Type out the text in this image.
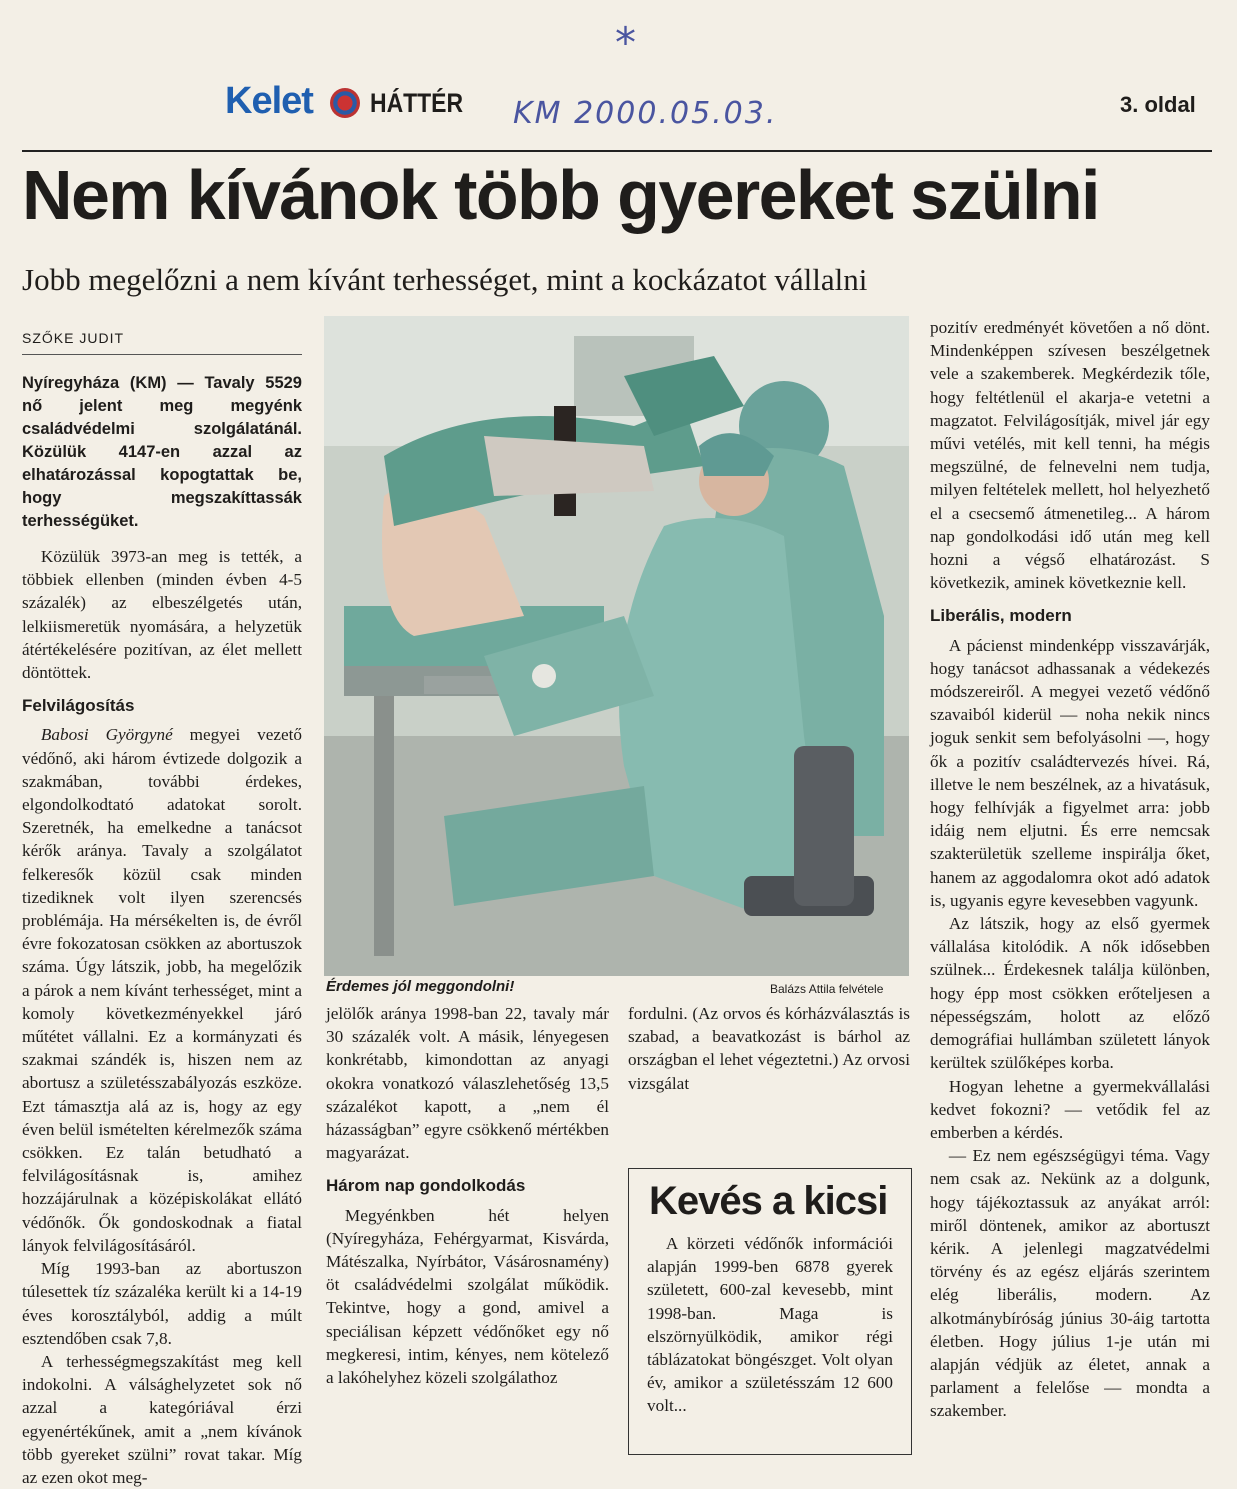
*
Kelet HÁTTÉR KM 2000.05.03.	3. oldal
Nem kívánok több gyereket szülni
Jobb megelőzni a nem kívánt terhességet, mint a kockázatot vállalni
SZŐKE JUDIT

Nyíregyháza (KM) — Tavaly 5529 nő jelent meg megyénk családvédelmi szolgálatánál. Közülük 4147-en azzal az elhatározással kopogtattak be, hogy megszakíttassák terhességüket.

Közülük 3973-an meg is tették, a többiek ellenben (minden évben 4-5 százalék) az elbeszélgetés után, lelkiismeretük nyomására, a helyzetük átértékelésére pozitívan, az élet mellett döntöttek.

Felvilágosítás

Babosi Györgyné megyei vezető védőnő, aki három évtizede dolgozik a szakmában, további érdekes, elgondolkodtató adatokat sorolt. Szeretnék, ha emelkedne a tanácsot kérők aránya. Tavaly a szolgálatot felkeresők közül csak minden tizediknek volt ilyen szerencsés problémája. Ha mérsékelten is, de évről évre fokozatosan csökken az abortuszok száma. Úgy látszik, jobb, ha megelőzik a párok a nem kívánt terhességet, mint a komoly következményekkel járó műtétet vállalni. Ez a kormányzati és szakmai szándék is, hiszen nem az abortusz a születésszabályozás eszköze. Ezt támasztja alá az is, hogy az egy éven belül ismételten kérelmezők száma csökken. Ez talán betudható a felvilágosításnak is, amihez hozzájárulnak a középiskolákat ellátó védőnők. Ők gondoskodnak a fiatal lányok felvilágosításáról.

Míg 1993-ban az abortuszon túlesettek tíz százaléka került ki a 14-19 éves korosztályból, addig a múlt esztendőben csak 7,8.

A terhességmegszakítást meg kell indokolni. A válsághelyzetet sok nő azzal a kategóriával érzi egyenértékűnek, amit a „nem kívánok több gyereket szülni” rovat takar. Míg az ezen okot meg-

Érdemes jól meggondolni!	Balázs Attila felvétele

jelölők aránya 1998-ban 22, tavaly már 30 százalék volt. A másik, lényegesen konkrétabb, kimondottan az anyagi okokra vonatkozó válaszlehetőség 13,5 százalékot kapott, a „nem él házasságban” egyre csökkenő mértékben magyarázat.

Három nap gondolkodás

Megyénkben hét helyen (Nyíregyháza, Fehérgyarmat, Kisvárda, Mátészalka, Nyírbátor, Vásárosnamény) öt családvédelmi szolgálat működik. Tekintve, hogy a gond, amivel a speciálisan képzett védőnőket egy nő megkeresi, intim, kényes, nem kötelező a lakóhelyhez közeli szolgálathoz

fordulni. (Az orvos és kórházválasztás is szabad, a beavatkozást is bárhol az országban el lehet végeztetni.) Az orvosi vizsgálat

Kevés a kicsi

A körzeti védőnők információi alapján 1999-ben 6878 gyerek született, 600-zal kevesebb, mint 1998-ban. Maga is elszörnyülködik, amikor régi táblázatokat böngészget. Volt olyan év, amikor a születésszám 12 600 volt...

pozitív eredményét követően a nő dönt. Mindenképpen szívesen beszélgetnek vele a szakemberek. Megkérdezik tőle, hogy feltétlenül el akarja-e vetetni a magzatot. Felvilágosítják, mivel jár egy művi vetélés, mit kell tenni, ha mégis megszülné, de felnevelni nem tudja, milyen feltételek mellett, hol helyezhető el a csecsemő átmenetileg... A három nap gondolkodási idő után meg kell hozni a végső elhatározást. S következik, aminek következnie kell.

Liberális, modern

A pácienst mindenképp visszavárják, hogy tanácsot adhassanak a védekezés módszereiről. A megyei vezető védőnő szavaiból kiderül — noha nekik nincs joguk senkit sem befolyásolni —, hogy ők a pozitív családtervezés hívei. Rá, illetve le nem beszélnek, az a hivatásuk, hogy felhívják a figyelmet arra: jobb idáig nem eljutni. És erre nemcsak szakterületük szelleme inspirálja őket, hanem az aggodalomra okot adó adatok is, ugyanis egyre kevesebben vagyunk.

Az látszik, hogy az első gyermek vállalása kitolódik. A nők idősebben szülnek... Érdekesnek találja különben, hogy épp most csökken erőteljesen a népességszám, holott az előző demográfiai hullámban született lányok kerültek szülőképes korba.

Hogyan lehetne a gyermekvállalási kedvet fokozni? — vetődik fel az emberben a kérdés.

— Ez nem egészségügyi téma. Vagy nem csak az. Nekünk az a dolgunk, hogy tájékoztassuk az anyákat arról: miről döntenek, amikor az abortuszt kérik. A jelenlegi magzatvédelmi törvény és az egész eljárás szerintem elég liberális, modern. Az alkotmánybíróság június 30-áig tartotta életben. Hogy július 1-je után mi alapján védjük az életet, annak a parlament a felelőse — mondta a szakember.
